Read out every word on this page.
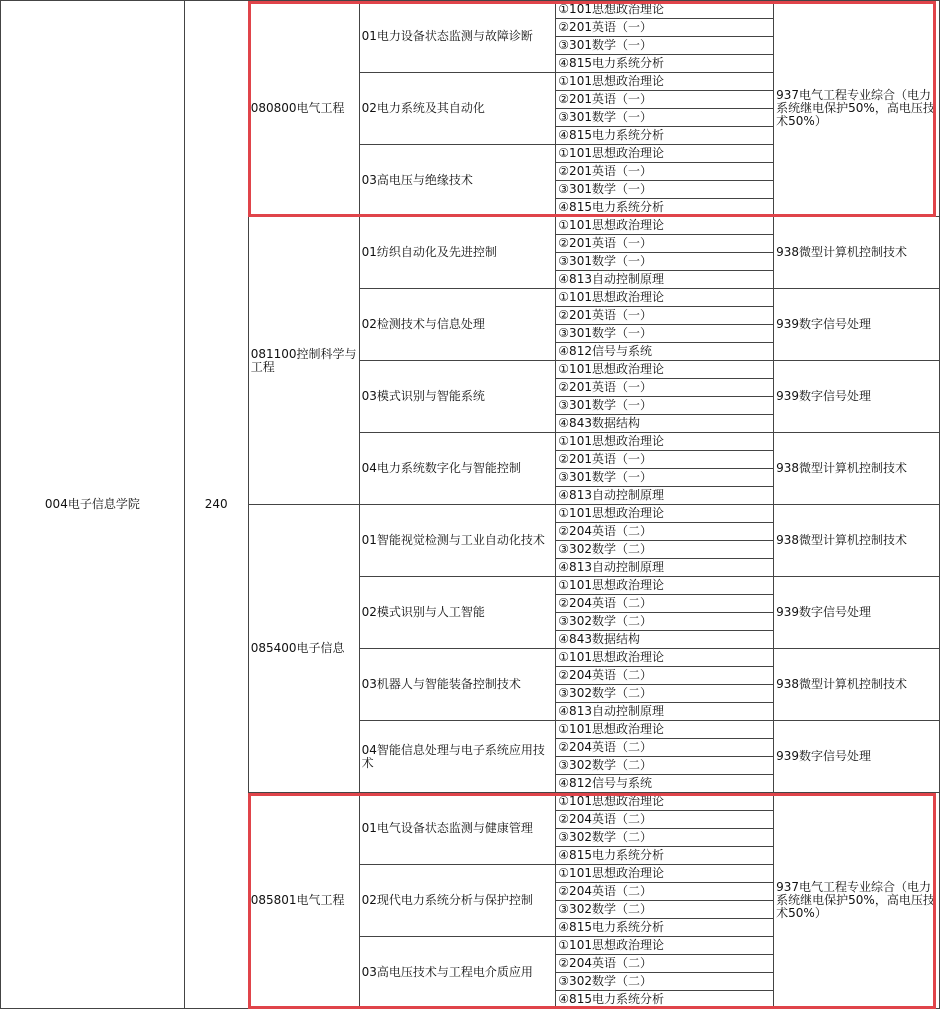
004电子信息学院	240	080800电气工程	01电力设备状态监测与故障诊断	①101思想政治理论	937电气工程专业综合（电力系统继电保护50%，高电压技术50%）
				②201英语（一）	
				③301数学（一）	
				④815电力系统分析	
			02电力系统及其自动化	①101思想政治理论	
				②201英语（一）	
				③301数学（一）	
				④815电力系统分析	
			03高电压与绝缘技术	①101思想政治理论	
				②201英语（一）	
				③301数学（一）	
				④815电力系统分析	
		081100控制科学与工程	01纺织自动化及先进控制	①101思想政治理论	938微型计算机控制技术
				②201英语（一）	
				③301数学（一）	
				④813自动控制原理	
			02检测技术与信息处理	①101思想政治理论	939数字信号处理
				②201英语（一）	
				③301数学（一）	
				④812信号与系统	
			03模式识别与智能系统	①101思想政治理论	939数字信号处理
				②201英语（一）	
				③301数学（一）	
				④843数据结构	
			04电力系统数字化与智能控制	①101思想政治理论	938微型计算机控制技术
				②201英语（一）	
				③301数学（一）	
				④813自动控制原理	
		085400电子信息	01智能视觉检测与工业自动化技术	①101思想政治理论	938微型计算机控制技术
				②204英语（二）	
				③302数学（二）	
				④813自动控制原理	
			02模式识别与人工智能	①101思想政治理论	939数字信号处理
				②204英语（二）	
				③302数学（二）	
				④843数据结构	
			03机器人与智能装备控制技术	①101思想政治理论	938微型计算机控制技术
				②204英语（二）	
				③302数学（二）	
				④813自动控制原理	
			04智能信息处理与电子系统应用技术	①101思想政治理论	939数字信号处理
				②204英语（二）	
				③302数学（二）	
				④812信号与系统	
		085801电气工程	01电气设备状态监测与健康管理	①101思想政治理论	937电气工程专业综合（电力系统继电保护50%，高电压技术50%）
				②204英语（二）	
				③302数学（二）	
				④815电力系统分析	
			02现代电力系统分析与保护控制	①101思想政治理论	
				②204英语（二）	
				③302数学（二）	
				④815电力系统分析	
			03高电压技术与工程电介质应用	①101思想政治理论	
				②204英语（二）	
				③302数学（二）	
				④815电力系统分析	
